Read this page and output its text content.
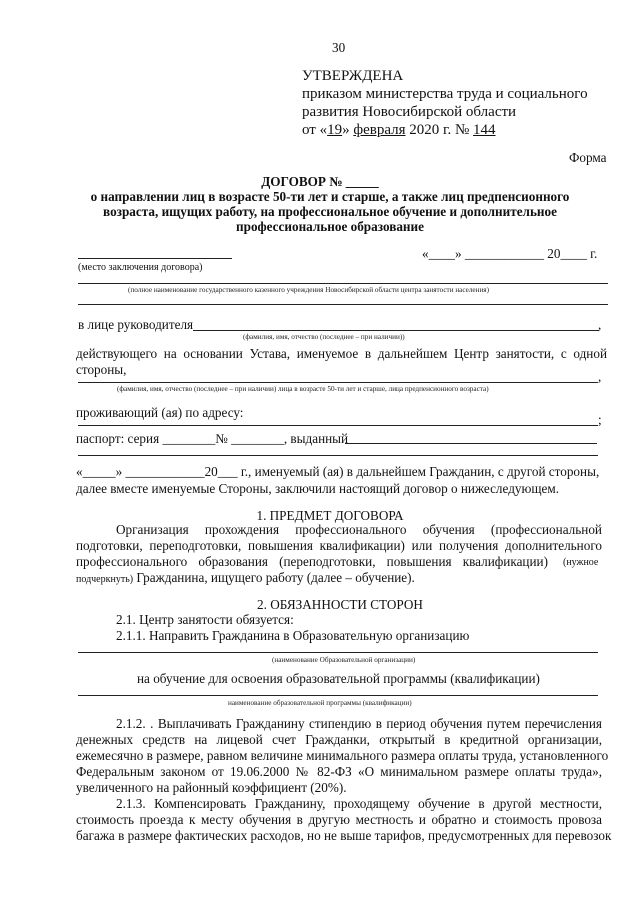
30
УТВЕРЖДЕНА
приказом министерства труда и социального
развития Новосибирской области
от «19» февраля 2020 г. № 144
Форма
ДОГОВОР № _____
о направлении лиц в возрасте 50-ти лет и старше, а также лиц предпенсионного
возраста, ищущих работу, на профессиональное обучение и дополнительное
профессиональное образование
«____» ____________ 20____ г.
(место заключения договора)
(полное наименование государственного казенного учреждения Новосибирской области центра занятости населения)
в лице руководителя	,
(фамилия, имя, отчество (последнее – при наличии))
действующего на основании Устава, именуемое в дальнейшем Центр занятости, с одной
стороны,	,
(фамилия, имя, отчество (последнее – при наличии) лица в возрасте 50-ти лет и старше, лица предпенсионного возраста)
проживающий (ая) по адресу:	;
паспорт: серия ________№ ________, выданный
«_____» ____________20___ г., именуемый (ая) в дальнейшем Гражданин, с другой стороны,
далее вместе именуемые Стороны, заключили настоящий договор о нижеследующем.
1. ПРЕДМЕТ ДОГОВОРА
Организация прохождения профессионального обучения (профессиональной
подготовки, переподготовки, повышения квалификации) или получения дополнительного
профессионального образования (переподготовки, повышения квалификации) (нужное
подчеркнуть) Гражданина, ищущего работу (далее – обучение).
2. ОБЯЗАННОСТИ СТОРОН
2.1. Центр занятости обязуется:
2.1.1. Направить Гражданина в Образовательную организацию
(наименование Образовательной организации)
на обучение для освоения образовательной программы (квалификации)
наименование образовательной программы (квалификации)
2.1.2. . Выплачивать Гражданину стипендию в период обучения путем перечисления
денежных средств на лицевой счет Гражданки, открытый в кредитной организации,
ежемесячно в размере, равном величине минимального размера оплаты труда, установленного
Федеральным законом от 19.06.2000 № 82-ФЗ «О минимальном размере оплаты труда»,
увеличенного на районный коэффициент (20%).
2.1.3. Компенсировать Гражданину, проходящему обучение в другой местности,
стоимость проезда к месту обучения в другую местность и обратно и стоимость провоза
багажа в размере фактических расходов, но не выше тарифов, предусмотренных для перевозок
